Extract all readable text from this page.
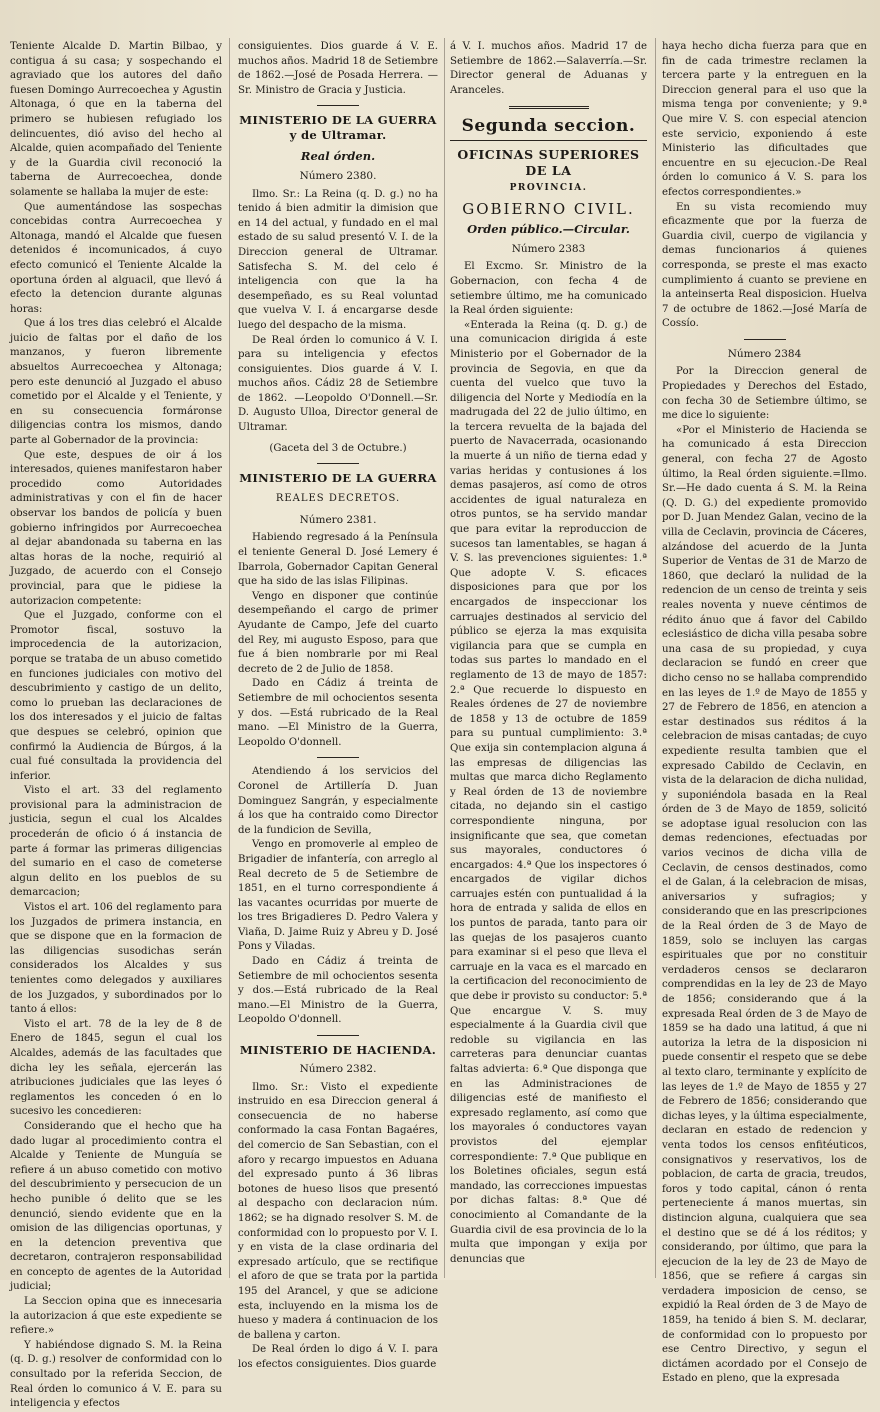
Teniente Alcalde D. Martin Bilbao, y contigua á su casa; y sospechando el agraviado que los autores del daño fuesen Domingo Aurrecoechea y Agustin Altonaga, ó que en la taberna del primero se hubiesen refugiado los delincuentes, dió aviso del hecho al Alcalde, quien acompañado del Teniente y de la Guardia civil reconoció la taberna de Aurrecoechea, donde solamente se hallaba la mujer de este:

Que aumentándose las sospechas concebidas contra Aurrecoechea y Altonaga, mandó el Alcalde que fuesen detenidos é incomunicados, á cuyo efecto comunicó el Teniente Alcalde la oportuna órden al alguacil, que llevó á efecto la detencion durante algunas horas:

Que á los tres dias celebró el Alcalde juicio de faltas por el daño de los manzanos, y fueron libremente absueltos Aurrecoechea y Altonaga; pero este denunció al Juzgado el abuso cometido por el Alcalde y el Teniente, y en su consecuencia formáronse diligencias contra los mismos, dando parte al Gobernador de la provincia:

Que este, despues de oir á los interesados, quienes manifestaron haber procedido como Autoridades administrativas y con el fin de hacer observar los bandos de policía y buen gobierno infringidos por Aurrecoechea al dejar abandonada su taberna en las altas horas de la noche, requirió al Juzgado, de acuerdo con el Consejo provincial, para que le pidiese la autorizacion competente:

Que el Juzgado, conforme con el Promotor fiscal, sostuvo la improcedencia de la autorizacion, porque se trataba de un abuso cometido en funciones judiciales con motivo del descubrimiento y castigo de un delito, como lo prueban las declaraciones de los dos interesados y el juicio de faltas que despues se celebró, opinion que confirmó la Audiencia de Búrgos, á la cual fué consultada la providencia del inferior.

Visto el art. 33 del reglamento provisional para la administracion de justicia, segun el cual los Alcaldes procederán de oficio ó á instancia de parte á formar las primeras diligencias del sumario en el caso de cometerse algun delito en los pueblos de su demarcacion;

Vistos el art. 106 del reglamento para los Juzgados de primera instancia, en que se dispone que en la formacion de las diligencias susodichas serán considerados los Alcaldes y sus tenientes como delegados y auxiliares de los Juzgados, y subordinados por lo tanto á ellos:

Visto el art. 78 de la ley de 8 de Enero de 1845, segun el cual los Alcaldes, además de las facultades que dicha ley les señala, ejercerán las atribuciones judiciales que las leyes ó reglamentos les conceden ó en lo sucesivo les concedieren:

Considerando que el hecho que ha dado lugar al procedimiento contra el Alcalde y Teniente de Munguía se refiere á un abuso cometido con motivo del descubrimiento y persecucion de un hecho punible ó delito que se les denunció, siendo evidente que en la omision de las diligencias oportunas, y en la detencion preventiva que decretaron, contrajeron responsabilidad en concepto de agentes de la Autoridad judicial;

La Seccion opina que es innecesaria la autorizacion á que este expediente se refiere.»

Y habiéndose dignado S. M. la Reina (q. D. g.) resolver de conformidad con lo consultado por la referida Seccion, de Real órden lo comunico á V. E. para su inteligencia y efectos

consiguientes. Dios guarde á V. E. muchos años. Madrid 18 de Setiembre de 1862.—José de Posada Herrera. —Sr. Ministro de Gracia y Justicia.

MINISTERIO DE LA GUERRA y de Ultramar.
Real órden.
Número 2380.

Ilmo. Sr.: La Reina (q. D. g.) no ha tenido á bien admitir la dimision que en 14 del actual, y fundado en el mal estado de su salud presentó V. I. de la Direccion general de Ultramar. Satisfecha S. M. del celo é inteligencia con que la ha desempeñado, es su Real voluntad que vuelva V. I. á encargarse desde luego del despacho de la misma.

De Real órden lo comunico á V. I. para su inteligencia y efectos consiguientes. Dios guarde á V. I. muchos años. Cádiz 28 de Setiembre de 1862. —Leopoldo O'Donnell.—Sr. D. Augusto Ulloa, Director general de Ultramar.

(Gaceta del 3 de Octubre.)
MINISTERIO DE LA GUERRA
REALES DECRETOS.
Número 2381.

Habiendo regresado á la Península el teniente General D. José Lemery é Ibarrola, Gobernador Capitan General que ha sido de las islas Filipinas.

Vengo en disponer que continúe desempeñando el cargo de primer Ayudante de Campo, Jefe del cuarto del Rey, mi augusto Esposo, para que fue á bien nombrarle por mi Real decreto de 2 de Julio de 1858.

Dado en Cádiz á treinta de Setiembre de mil ochocientos sesenta y dos. —Está rubricado de la Real mano. —El Ministro de la Guerra, Leopoldo O'donnell.

Atendiendo á los servicios del Coronel de Artillería D. Juan Dominguez Sangrán, y especialmente á los que ha contraido como Director de la fundicion de Sevilla,

Vengo en promoverle al empleo de Brigadier de infantería, con arreglo al Real decreto de 5 de Setiembre de 1851, en el turno correspondiente á las vacantes ocurridas por muerte de los tres Brigadieres D. Pedro Valera y Viaña, D. Jaime Ruiz y Abreu y D. José Pons y Viladas.

Dado en Cádiz á treinta de Setiembre de mil ochocientos sesenta y dos.—Está rubricado de la Real mano.—El Ministro de la Guerra, Leopoldo O'donnell.

MINISTERIO DE HACIENDA.
Número 2382.

Ilmo. Sr.: Visto el expediente instruido en esa Direccion general á consecuencia de no haberse conformado la casa Fontan Bagaéres, del comercio de San Sebastian, con el aforo y recargo impuestos en Aduana del expresado punto á 36 libras botones de hueso lisos que presentó al despacho con declaracion núm. 1862; se ha dignado resolver S. M. de conformidad con lo propuesto por V. I. y en vista de la clase ordinaria del expresado artículo, que se rectifique el aforo de que se trata por la partida 195 del Arancel, y que se adicione esta, incluyendo en la misma los de hueso y madera á continuacion de los de ballena y carton.

De Real órden lo digo á V. I. para los efectos consiguientes. Dios guarde

á V. I. muchos años. Madrid 17 de Setiembre de 1862.—Salaverría.—Sr. Director general de Aduanas y Aranceles.

Segunda seccion.
OFICINAS SUPERIORES DE LA
PROVINCIA.
GOBIERNO CIVIL.
Orden público.—Circular.
Número 2383

El Excmo. Sr. Ministro de la Gobernacion, con fecha 4 de setiembre último, me ha comunicado la Real órden siguiente:

«Enterada la Reina (q. D. g.) de una comunicacion dirigida á este Ministerio por el Gobernador de la provincia de Segovia, en que da cuenta del vuelco que tuvo la diligencia del Norte y Mediodía en la madrugada del 22 de julio último, en la tercera revuelta de la bajada del puerto de Navacerrada, ocasionando la muerte á un niño de tierna edad y varias heridas y contusiones á los demas pasajeros, así como de otros accidentes de igual naturaleza en otros puntos, se ha servido mandar que para evitar la reproduccion de sucesos tan lamentables, se hagan á V. S. las prevenciones siguientes: 1.ª Que adopte V. S. eficaces disposiciones para que por los encargados de inspeccionar los carruajes destinados al servicio del público se ejerza la mas exquisita vigilancia para que se cumpla en todas sus partes lo mandado en el reglamento de 13 de mayo de 1857: 2.ª Que recuerde lo dispuesto en Reales órdenes de 27 de noviembre de 1858 y 13 de octubre de 1859 para su puntual cumplimiento: 3.ª Que exija sin contemplacion alguna á las empresas de diligencias las multas que marca dicho Reglamento y Real órden de 13 de noviembre citada, no dejando sin el castigo correspondiente ninguna, por insignificante que sea, que cometan sus mayorales, conductores ó encargados: 4.ª Que los inspectores ó encargados de vigilar dichos carruajes estén con puntualidad á la hora de entrada y salida de ellos en los puntos de parada, tanto para oir las quejas de los pasajeros cuanto para examinar si el peso que lleva el carruaje en la vaca es el marcado en la certificacion del reconocimiento de que debe ir provisto su conductor: 5.ª Que encargue V. S. muy especialmente á la Guardia civil que redoble su vigilancia en las carreteras para denunciar cuantas faltas advierta: 6.ª Que disponga que en las Administraciones de diligencias esté de manifiesto el expresado reglamento, así como que los mayorales ó conductores vayan provistos del ejemplar correspondiente: 7.ª Que publique en los Boletines oficiales, segun está mandado, las correcciones impuestas por dichas faltas: 8.ª Que dé conocimiento al Comandante de la Guardia civil de esa provincia de lo la multa que impongan y exija por denuncias que

haya hecho dicha fuerza para que en fin de cada trimestre reclamen la tercera parte y la entreguen en la Direccion general para el uso que la misma tenga por conveniente; y 9.ª Que mire V. S. con especial atencion este servicio, exponiendo á este Ministerio las dificultades que encuentre en su ejecucion.-De Real órden lo comunico á V. S. para los efectos correspondientes.»

En su vista recomiendo muy eficazmente que por la fuerza de Guardia civil, cuerpo de vigilancia y demas funcionarios á quienes corresponda, se preste el mas exacto cumplimiento á cuanto se previene en la anteinserta Real disposicion. Huelva 7 de octubre de 1862.—José María de Cossío.

Número 2384

Por la Direccion general de Propiedades y Derechos del Estado, con fecha 30 de Setiembre último, se me dice lo siguiente:

«Por el Ministerio de Hacienda se ha comunicado á esta Direccion general, con fecha 27 de Agosto último, la Real órden siguiente.=Ilmo. Sr.—He dado cuenta á S. M. la Reina (Q. D. G.) del expediente promovido por D. Juan Mendez Galan, vecino de la villa de Ceclavin, provincia de Cáceres, alzándose del acuerdo de la Junta Superior de Ventas de 31 de Marzo de 1860, que declaró la nulidad de la redencion de un censo de treinta y seis reales noventa y nueve céntimos de rédito ánuo que á favor del Cabildo eclesiástico de dicha villa pesaba sobre una casa de su propiedad, y cuya declaracion se fundó en creer que dicho censo no se hallaba comprendido en las leyes de 1.º de Mayo de 1855 y 27 de Febrero de 1856, en atencion a estar destinados sus réditos á la celebracion de misas cantadas; de cuyo expediente resulta tambien que el expresado Cabildo de Ceclavin, en vista de la delaracion de dicha nulidad, y suponiéndola basada en la Real órden de 3 de Mayo de 1859, solicitó se adoptase igual resolucion con las demas redenciones, efectuadas por varios vecinos de dicha villa de Ceclavin, de censos destinados, como el de Galan, á la celebracion de misas, aniversarios y sufragios; y considerando que en las prescripciones de la Real órden de 3 de Mayo de 1859, solo se incluyen las cargas espirituales que por no constituir verdaderos censos se declararon comprendidas en la ley de 23 de Mayo de 1856; considerando que á la expresada Real órden de 3 de Mayo de 1859 se ha dado una latitud, á que ni autoriza la letra de la disposicion ni puede consentir el respeto que se debe al texto claro, terminante y explícito de las leyes de 1.º de Mayo de 1855 y 27 de Febrero de 1856; considerando que dichas leyes, y la última especialmente, declaran en estado de redencion y venta todos los censos enfitéuticos, consignativos y reservativos, los de poblacion, de carta de gracia, treudos, foros y todo capital, cánon ó renta perteneciente á manos muertas, sin distincion alguna, cualquiera que sea el destino que se dé á los réditos; y considerando, por último, que para la ejecucion de la ley de 23 de Mayo de 1856, que se refiere á cargas sin verdadera imposicion de censo, se expidió la Real órden de 3 de Mayo de 1859, ha tenido á bien S. M. declarar, de conformidad con lo propuesto por ese Centro Directivo, y segun el dictámen acordado por el Consejo de Estado en pleno, que la expresada
